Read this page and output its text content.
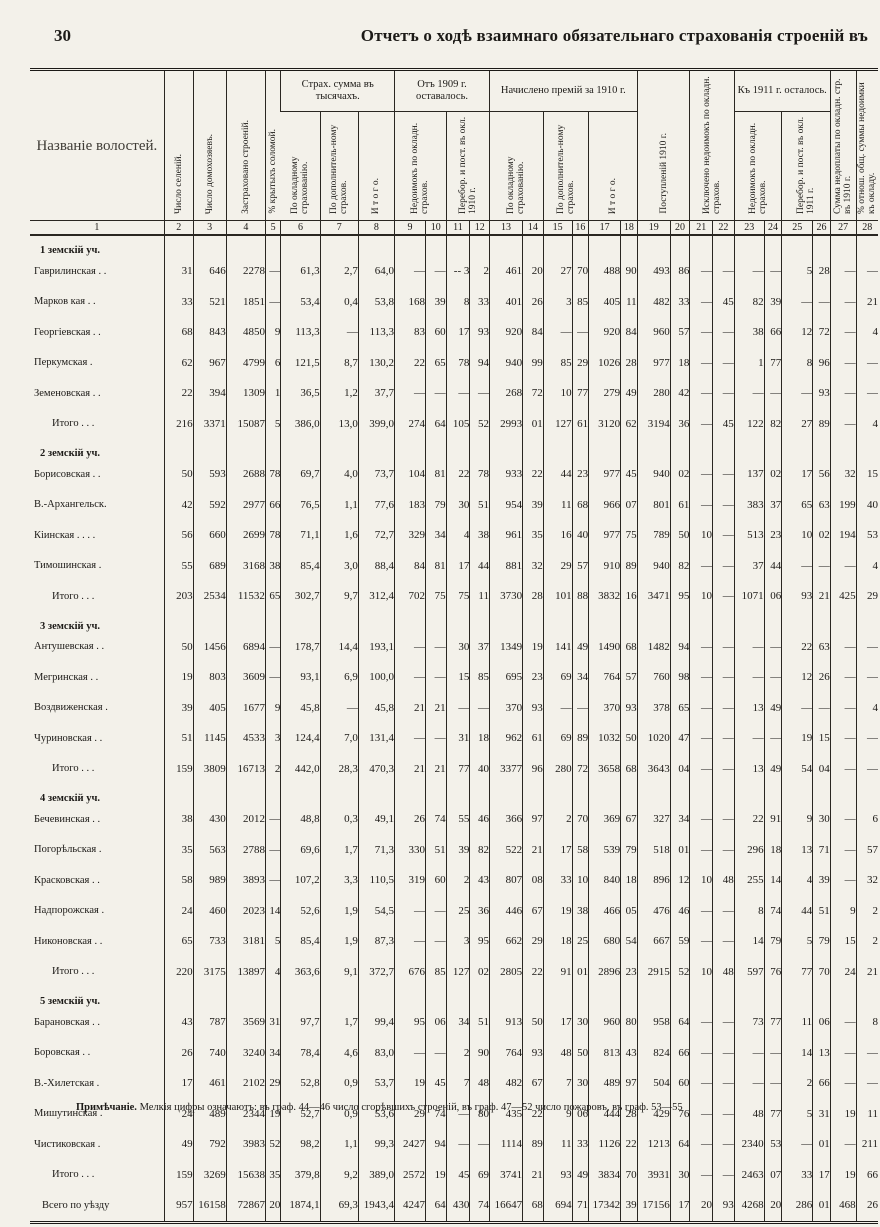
30	Отчетъ о ходѣ взаимнаго обязательнаго страхованія строеній въ
Названіе волостей.	Число селеній.	Число домохозяевъ.	Застраховано строеній.	% крытыхъ соломой.	Страх. сумма въ тысячахъ.			Отъ 1909 г. оставалось.				Начислено премій за 1910 г.						Поступленій 1910 г.		Исключено недоимокъ по окладн. страхов.		Къ 1911 г. осталось.				Сумма недоплаты по окладн. стр. въ 1910 г.	% отнош. общ. суммы недоимки къ окладу.
					По окладному страхованію.	По дополнитель-ному страхов.	И т о г о.	Недоимокъ по окладн. страхов.		Перебор. и пост. въ окл. 1910 г.		По окладному страхованію.		По дополнитель-ному страхов.		И т о г о.						Недоимокъ по окладн. страхов.		Перебор. и пост. въ окл. 1911 г.			
1	2	3	4	5	6	7	8	9	10	11	12	13	14	15	16	17	18	19	20	21	22	23	24	25	26	27	28
1 земскій уч.																											
Гаврилинская . .	31	646	2278	—	61,3	2,7	64,0	—	—	-- 3	2	461	20	27	70	488	90	493	86	—	—	—	—	5	28	—	—
Марков кая . .	33	521	1851	—	53,4	0,4	53,8	168	39	8	33	401	26	3	85	405	11	482	33	—	45	82	39	—	—	—	21
Георгіевская . .	68	843	4850	9	113,3	—	113,3	83	60	17	93	920	84	—	—	920	84	960	57	—	—	38	66	12	72	—	4
Перкумская .	62	967	4799	6	121,5	8,7	130,2	22	65	78	94	940	99	85	29	1026	28	977	18	—	—	1	77	8	96	—	—
Земеновская . .	22	394	1309	1	36,5	1,2	37,7	—	—	—	—	268	72	10	77	279	49	280	42	—	—	—	—	—	93	—	—
Итого . . .	216	3371	15087	5	386,0	13,0	399,0	274	64	105	52	2993	01	127	61	3120	62	3194	36	—	45	122	82	27	89	—	4
2 земскій уч.																											
Борисовская . .	50	593	2688	78	69,7	4,0	73,7	104	81	22	78	933	22	44	23	977	45	940	02	—	—	137	02	17	56	32	15
В.-Архангельск.	42	592	2977	66	76,5	1,1	77,6	183	79	30	51	954	39	11	68	966	07	801	61	—	—	383	37	65	63	199	40
Кіинская . . . .	56	660	2699	78	71,1	1,6	72,7	329	34	4	38	961	35	16	40	977	75	789	50	10	—	513	23	10	02	194	53
Тимошинская .	55	689	3168	38	85,4	3,0	88,4	84	81	17	44	881	32	29	57	910	89	940	82	—	—	37	44	—	—	—	4
Итого . . .	203	2534	11532	65	302,7	9,7	312,4	702	75	75	11	3730	28	101	88	3832	16	3471	95	10	—	1071	06	93	21	425	29
3 земскій уч.																											
Антушевская . .	50	1456	6894	—	178,7	14,4	193,1	—	—	30	37	1349	19	141	49	1490	68	1482	94	—	—	—	—	22	63	—	—
Мегринская . .	19	803	3609	—	93,1	6,9	100,0	—	—	15	85	695	23	69	34	764	57	760	98	—	—	—	—	12	26	—	—
Воздвиженская .	39	405	1677	9	45,8	—	45,8	21	21	—	—	370	93	—	—	370	93	378	65	—	—	13	49	—	—	—	4
Чуриновская . .	51	1145	4533	3	124,4	7,0	131,4	—	—	31	18	962	61	69	89	1032	50	1020	47	—	—	—	—	19	15	—	—
Итого . . .	159	3809	16713	2	442,0	28,3	470,3	21	21	77	40	3377	96	280	72	3658	68	3643	04	—	—	13	49	54	04	—	—
4 земскій уч.																											
Бечевинская . .	38	430	2012	—	48,8	0,3	49,1	26	74	55	46	366	97	2	70	369	67	327	34	—	—	22	91	9	30	—	6
Погорѣльская .	35	563	2788	—	69,6	1,7	71,3	330	51	39	82	522	21	17	58	539	79	518	01	—	—	296	18	13	71	—	57
Красковская . .	58	989	3893	—	107,2	3,3	110,5	319	60	2	43	807	08	33	10	840	18	896	12	10	48	255	14	4	39	—	32
Надпорожская .	24	460	2023	14	52,6	1,9	54,5	—	—	25	36	446	67	19	38	466	05	476	46	—	—	8	74	44	51	9	2
Никоновская . .	65	733	3181	5	85,4	1,9	87,3	—	—	3	95	662	29	18	25	680	54	667	59	—	—	14	79	5	79	15	2
Итого . . .	220	3175	13897	4	363,6	9,1	372,7	676	85	127	02	2805	22	91	01	2896	23	2915	52	10	48	597	76	77	70	24	21
5 земскій уч.																											
Барановская . .	43	787	3569	31	97,7	1,7	99,4	95	06	34	51	913	50	17	30	960	80	958	64	—	—	73	77	11	06	—	8
Боровская . .	26	740	3240	34	78,4	4,6	83,0	—	—	2	90	764	93	48	50	813	43	824	66	—	—	—	—	14	13	—	—
В.-Хилетская .	17	461	2102	29	52,8	0,9	53,7	19	45	7	48	482	67	7	30	489	97	504	60	—	—	—	—	2	66	—	—
Мишутинская .	24	489	2344	19	52,7	0,9	53,6	29	74	—	80	435	22	9	06	444	28	429	76	—	—	48	77	5	31	19	11
Чистиковская .	49	792	3983	52	98,2	1,1	99,3	2427	94	—	—	1114	89	11	33	1126	22	1213	64	—	—	2340	53	—	01	—	211
Итого . . .	159	3269	15638	35	379,8	9,2	389,0	2572	19	45	69	3741	21	93	49	3834	70	3931	30	—	—	2463	07	33	17	19	66
Всего по уѣзду	957	16158	72867	20	1874,1	69,3	1943,4	4247	64	430	74	16647	68	694	71	17342	39	17156	17	20	93	4268	20	286	01	468	26
Примѣчаніе. Мелкія цифры означаютъ: въ граф. 44—46 число сгорѣвшихъ строеній, въ граф. 47—52 число пожаровъ, въ граф. 53—55
